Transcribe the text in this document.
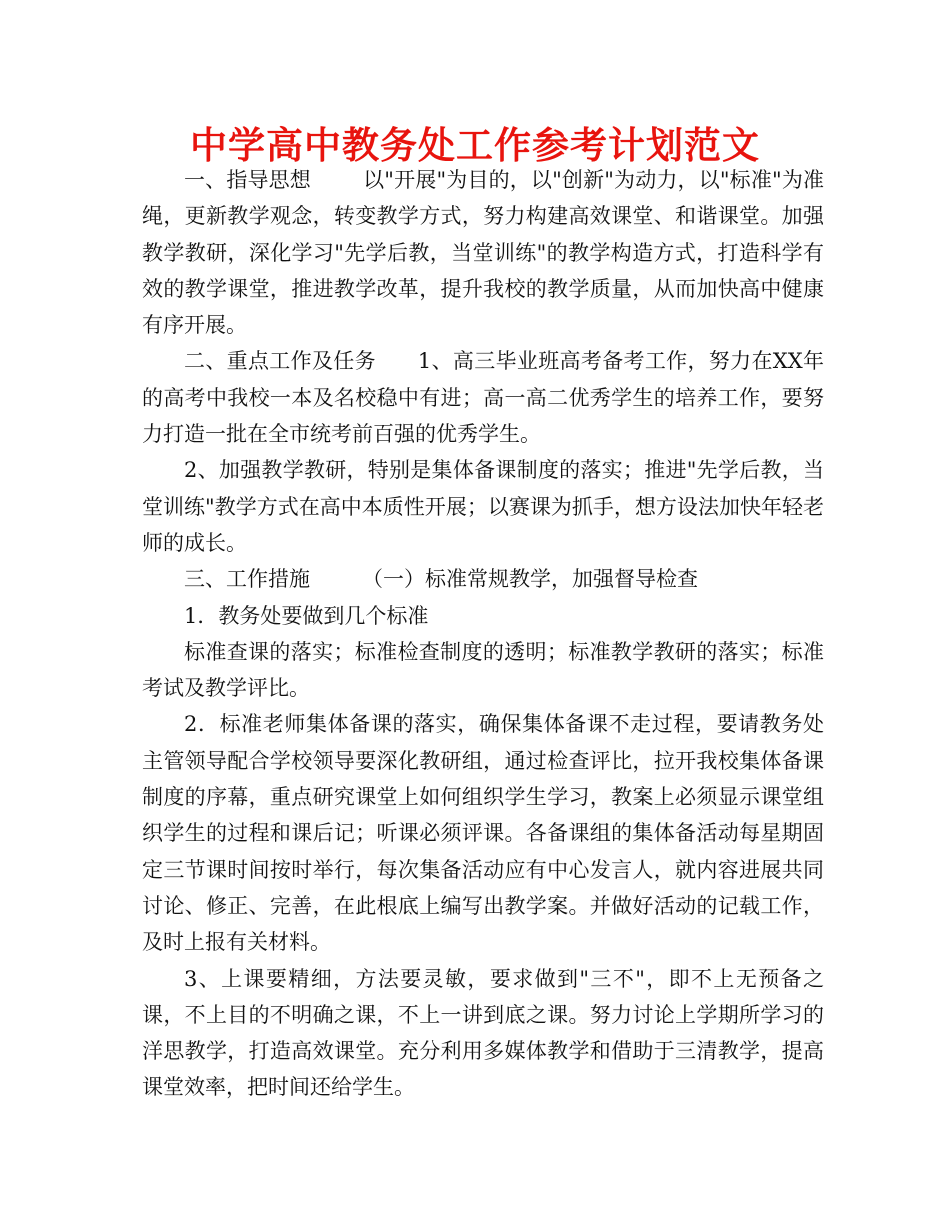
中学高中教务处工作参考计划范文

一、指导思想 以"开展"为目的，以"创新"为动力，以"标准"为准绳，更新教学观念，转变教学方式，努力构建高效课堂、和谐课堂。加强教学教研，深化学习"先学后教，当堂训练"的教学构造方式，打造科学有效的教学课堂，推进教学改革，提升我校的教学质量，从而加快高中健康有序开展。

二、重点工作及任务 1、高三毕业班高考备考工作，努力在XX年的高考中我校一本及名校稳中有进；高一高二优秀学生的培养工作，要努力打造一批在全市统考前百强的优秀学生。

2、加强教学教研，特别是集体备课制度的落实；推进"先学后教，当堂训练"教学方式在高中本质性开展；以赛课为抓手，想方设法加快年轻老师的成长。

三、工作措施 （一）标准常规教学，加强督导检查

1．教务处要做到几个标准

标准查课的落实；标准检查制度的透明；标准教学教研的落实；标准考试及教学评比。

2．标准老师集体备课的落实，确保集体备课不走过程，要请教务处主管领导配合学校领导要深化教研组，通过检查评比，拉开我校集体备课制度的序幕，重点研究课堂上如何组织学生学习，教案上必须显示课堂组织学生的过程和课后记；听课必须评课。各备课组的集体备活动每星期固定三节课时间按时举行，每次集备活动应有中心发言人，就内容进展共同讨论、修正、完善，在此根底上编写出教学案。并做好活动的记载工作，及时上报有关材料。

3、上课要精细，方法要灵敏，要求做到"三不"，即不上无预备之课，不上目的不明确之课，不上一讲到底之课。努力讨论上学期所学习的洋思教学，打造高效课堂。充分利用多媒体教学和借助于三清教学，提高课堂效率，把时间还给学生。
